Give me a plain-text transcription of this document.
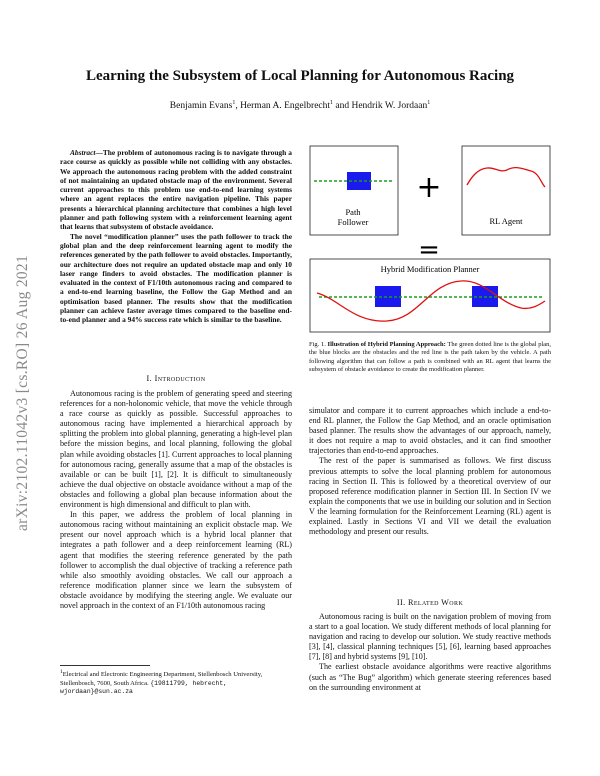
arXiv:2102.11042v3 [cs.RO] 26 Aug 2021
Learning the Subsystem of Local Planning for Autonomous Racing
Benjamin Evans$^1$, Herman A. Engelbrecht$^1$ and Hendrik W. Jordaan$^1$

Abstract—The problem of autonomous racing is to navigate through a race course as quickly as possible while not colliding with any obstacles. We approach the autonomous racing problem with the added constraint of not maintaining an updated obstacle map of the environment. Several current approaches to this problem use end-to-end learning systems where an agent replaces the entire navigation pipeline. This paper presents a hierarchical planning architecture that combines a high level planner and path following system with a reinforcement learning agent that learns that subsystem of obstacle avoidance.

The novel “modification planner” uses the path follower to track the global plan and the deep reinforcement learning agent to modify the references generated by the path follower to avoid obstacles. Importantly, our architecture does not require an updated obstacle map and only 10 laser range finders to avoid obstacles. The modification planner is evaluated in the context of F1/10th autonomous racing and compared to a end-to-end learning baseline, the Follow the Gap Method and an optimisation based planner. The results show that the modification planner can achieve faster average times compared to the baseline end-to-end planner and a 94% success rate which is similar to the baseline.

I. Introduction

Autonomous racing is the problem of generating speed and steering references for a non-holonomic vehicle, that move the vehicle through a race course as quickly as possible. Successful approaches to autonomous racing have implemented a hierarchical approach by splitting the problem into global planning, generating a high-level plan before the mission begins, and local planning, following the global plan while avoiding obstacles [1]. Current approaches to local planning for autonomous racing, generally assume that a map of the obstacles is available or can be built [1], [2]. It is difficult to simultaneously achieve the dual objective on obstacle avoidance without a map of the obstacles and following a global plan because information about the environment is high dimensional and difficult to plan with.

In this paper, we address the problem of local planning in autonomous racing without maintaining an explicit obstacle map. We present our novel approach which is a hybrid local planner that integrates a path follower and a deep reinforcement learning (RL) agent that modifies the steering reference generated by the path follower to accomplish the dual objective of tracking a reference path while also smoothly avoiding obstacles. We call our approach a reference modification planner since we learn the subsystem of obstacle avoidance by modifying the steering angle. We evaluate our novel approach in the context of an F1/10th autonomous racing

$^1$Electrical and Electronic Engineering Department, Stellenbosch University, Stellenbosch, 7600, South Africa. {19811799, hebrecht, wjordaan}@sun.ac.za
Path
Follower
+
RL Agent
=
Hybrid Modification Planner
Fig. 1. Illustration of Hybrid Planning Approach: The green dotted line is the global plan, the blue blocks are the obstacles and the red line is the path taken by the vehicle. A path following algorithm that can follow a path is combined with an RL agent that learns the subsystem of obstacle avoidance to create the modification planner.

simulator and compare it to current approaches which include a end-to-end RL planner, the Follow the Gap Method, and an oracle optimisation based planner. The results show the advantages of our approach, namely, it does not require a map to avoid obstacles, and it can find smoother trajectories than end-to-end approaches.

The rest of the paper is summarised as follows. We first discuss previous attempts to solve the local planning problem for autonomous racing in Section II. This is followed by a theoretical overview of our proposed reference modification planner in Section III. In Section IV we explain the components that we use in building our solution and in Section V the learning formulation for the Reinforcement Learning (RL) agent is explained. Lastly in Sections VI and VII we detail the evaluation methodology and present our results.

II. Related Work

Autonomous racing is built on the navigation problem of moving from a start to a goal location. We study different methods of local planning for navigation and racing to develop our solution. We study reactive methods [3], [4], classical planning techniques [5], [6], learning based approaches [7], [8] and hybrid systems [9], [10].

The earliest obstacle avoidance algorithms were reactive algorithms (such as “The Bug” algorithm) which generate steering references based on the surrounding environment at
